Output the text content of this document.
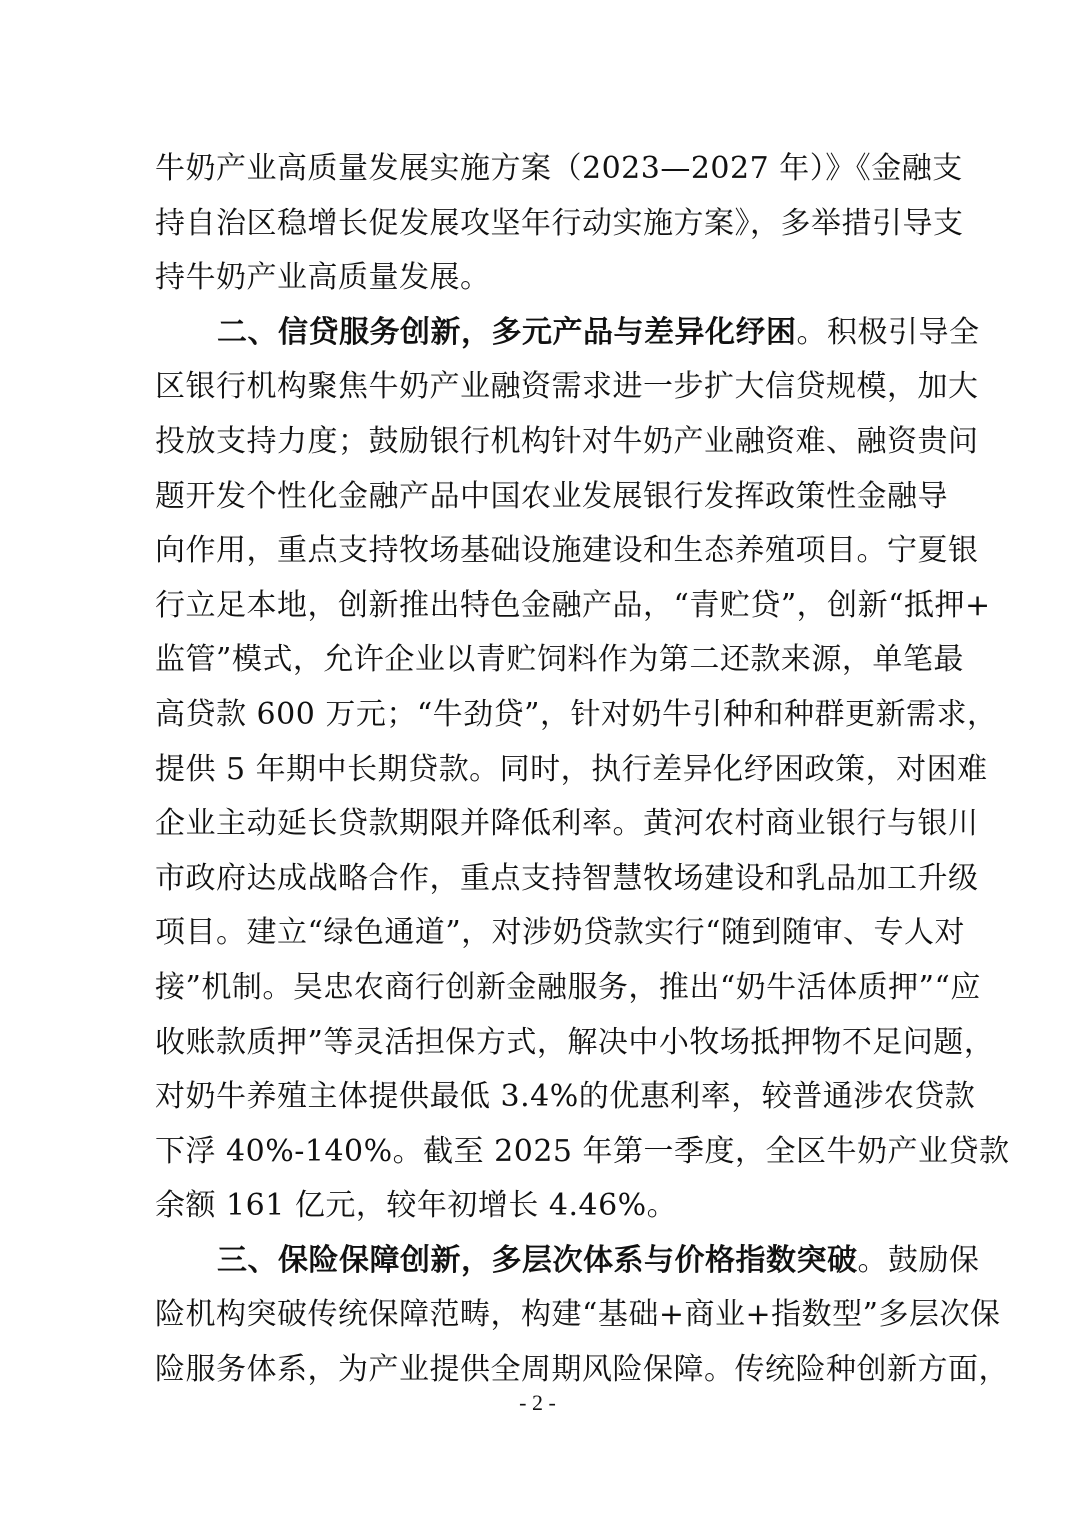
牛奶产业高质量发展实施方案（2023—2027 年）》《金融支
持自治区稳增长促发展攻坚年行动实施方案》，多举措引导支
持牛奶产业高质量发展。
二、信贷服务创新，多元产品与差异化纾困。积极引导全
区银行机构聚焦牛奶产业融资需求进一步扩大信贷规模，加大
投放支持力度；鼓励银行机构针对牛奶产业融资难、融资贵问
题开发个性化金融产品中国农业发展银行发挥政策性金融导
向作用，重点支持牧场基础设施建设和生态养殖项目。宁夏银
行立足本地，创新推出特色金融产品，“青贮贷”，创新“抵押+
监管”模式，允许企业以青贮饲料作为第二还款来源，单笔最
高贷款 600 万元；“牛劲贷”，针对奶牛引种和种群更新需求，
提供 5 年期中长期贷款。同时，执行差异化纾困政策，对困难
企业主动延长贷款期限并降低利率。黄河农村商业银行与银川
市政府达成战略合作，重点支持智慧牧场建设和乳品加工升级
项目。建立“绿色通道”，对涉奶贷款实行“随到随审、专人对
接”机制。吴忠农商行创新金融服务，推出“奶牛活体质押”“应
收账款质押”等灵活担保方式，解决中小牧场抵押物不足问题，
对奶牛养殖主体提供最低 3.4%的优惠利率，较普通涉农贷款
下浮 40%-140%。截至 2025 年第一季度，全区牛奶产业贷款
余额 161 亿元，较年初增长 4.46%。
三、保险保障创新，多层次体系与价格指数突破。鼓励保
险机构突破传统保障范畴，构建“基础+商业+指数型”多层次保
险服务体系，为产业提供全周期风险保障。传统险种创新方面，
- 2 -
